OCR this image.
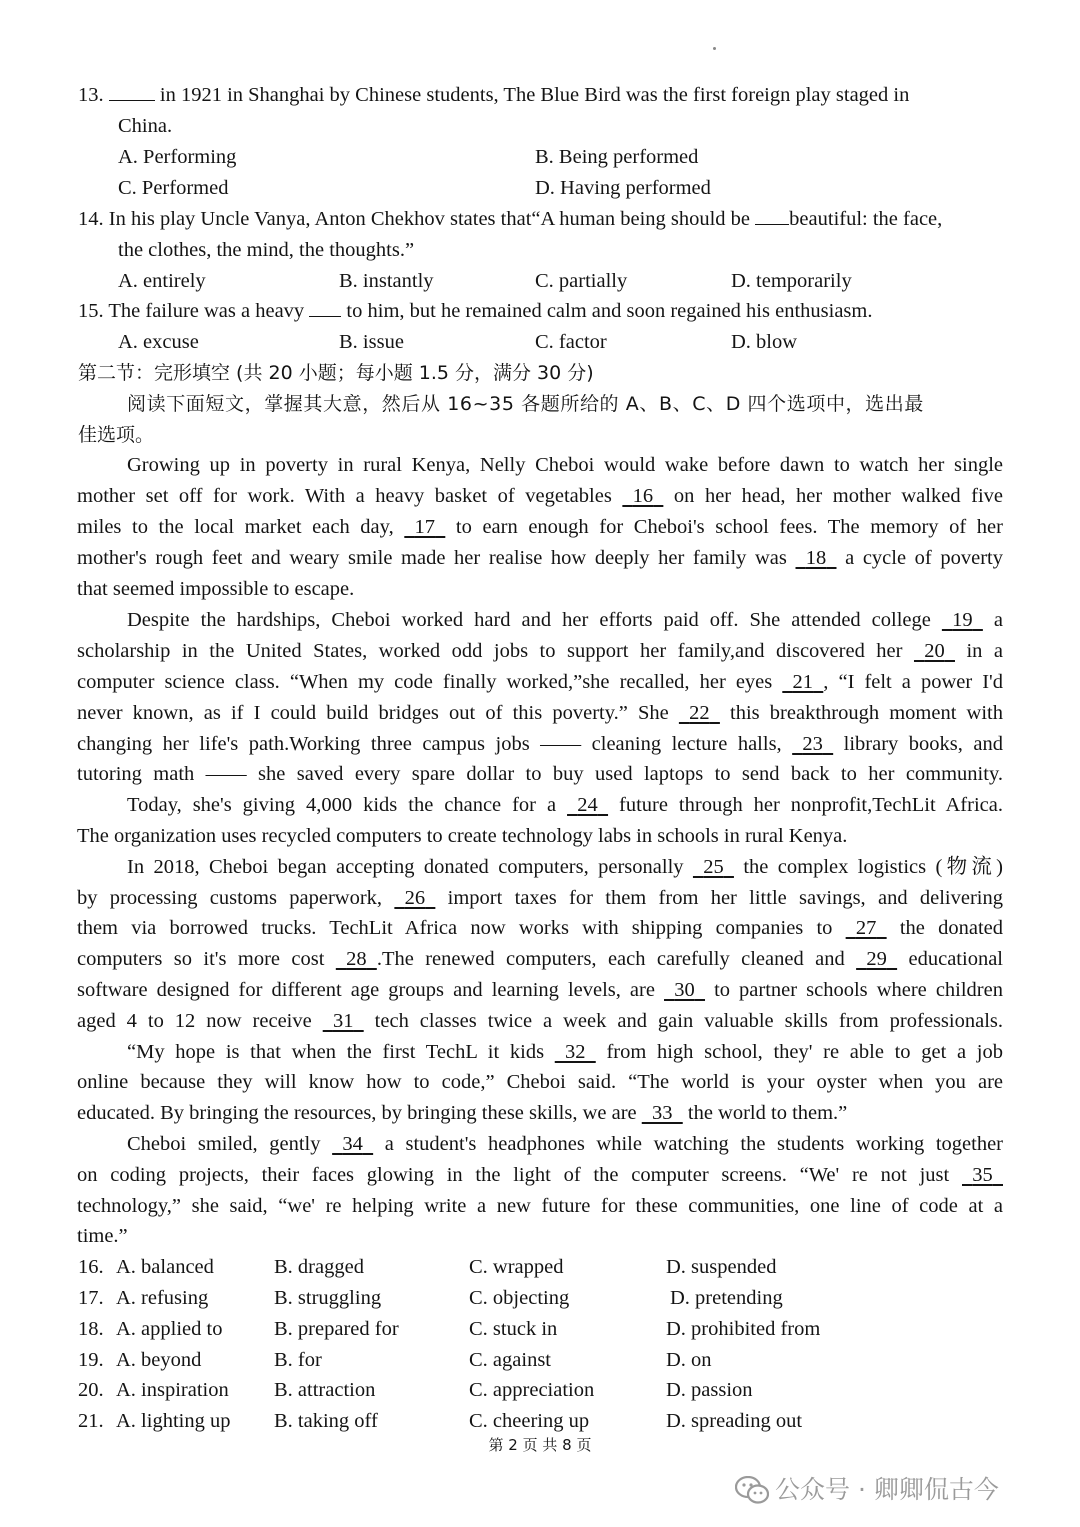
13.  in 1921 in Shanghai by Chinese students, The Blue Bird was the first foreign play staged in
China.
A. Performing	B. Being performed
C. Performed	D. Having performed
14. In his play Uncle Vanya, Anton Chekhov states that“A human being should be beautiful: the face,
the clothes, the mind, the thoughts.”
A. entirely	B. instantly	C. partially	D. temporarily
15. The failure was a heavy  to him, but he remained calm and soon regained his enthusiasm.
A. excuse	B. issue	C. factor	D. blow
第二节：完形填空 (共 20 小题；每小题 1.5 分，满分 30 分)
阅读下面短文，掌握其大意，然后从 16~35 各题所给的 A、B、C、D 四个选项中，选出最
佳选项。
Growing up in poverty in rural Kenya, Nelly Cheboi would wake before dawn to watch her single
mother set off for work. With a heavy basket of vegetables   16   on her head, her mother walked five
miles to the local market each day,   17   to earn enough for Cheboi's school fees. The memory of her
mother's rough feet and weary smile made her realise how deeply her family was   18   a cycle of poverty
that seemed impossible to escape.
Despite the hardships, Cheboi worked hard and her efforts paid off. She attended college   19   a
scholarship in the United States, worked odd jobs to support her family,and discovered her   20   in a
computer science class. “When my code finally worked,”she recalled, her eyes   21 , “I felt a power I'd
never known, as if I could build bridges out of this poverty.” She   22   this breakthrough moment with
changing her life's path.Working three campus jobs —— cleaning lecture halls,   23   library books, and
tutoring math —— she saved every spare dollar to buy used laptops to send back to her community.
Today, she's giving 4,000 kids the chance for a   24   future through her nonprofit,TechLit Africa.
The organization uses recycled computers to create technology labs in schools in rural Kenya.
In 2018, Cheboi began accepting donated computers, personally   25   the complex logistics (物流)
by processing customs paperwork,   26   import taxes for them from her little savings, and delivering
them via borrowed trucks. TechLit Africa now works with shipping companies to   27   the donated
computers so it's more cost   28 .The renewed computers, each carefully cleaned and   29   educational
software designed for different age groups and learning levels, are   30   to partner schools where children
aged 4 to 12 now receive   31   tech classes twice a week and gain valuable skills from professionals.
“My hope is that when the first TechL it kids   32   from high school, they' re able to get a job
online because they will know how to code,” Cheboi said. “The world is your oyster when you are
educated. By bringing the resources, by bringing these skills, we are   33   the world to them.”
Cheboi smiled, gently   34   a student's headphones while watching the students working together
on coding projects, their faces glowing in the light of the computer screens. “We' re not just   35
technology,” she said, “we' re helping write a new future for these communities, one line of code at a
time.”
16. A. balanced	B. dragged	C. wrapped	D. suspended
17. A. refusing	B. struggling	C. objecting	D. pretending
18. A. applied to	B. prepared for	C. stuck in	D. prohibited from
19. A. beyond	B. for	C. against	D. on
20. A. inspiration B. attraction	C. appreciation	D. passion
21. A. lighting up B. taking off	C. cheering up	D. spreading out
第 2 页 共 8 页
公众号 · 卿卿侃古今
